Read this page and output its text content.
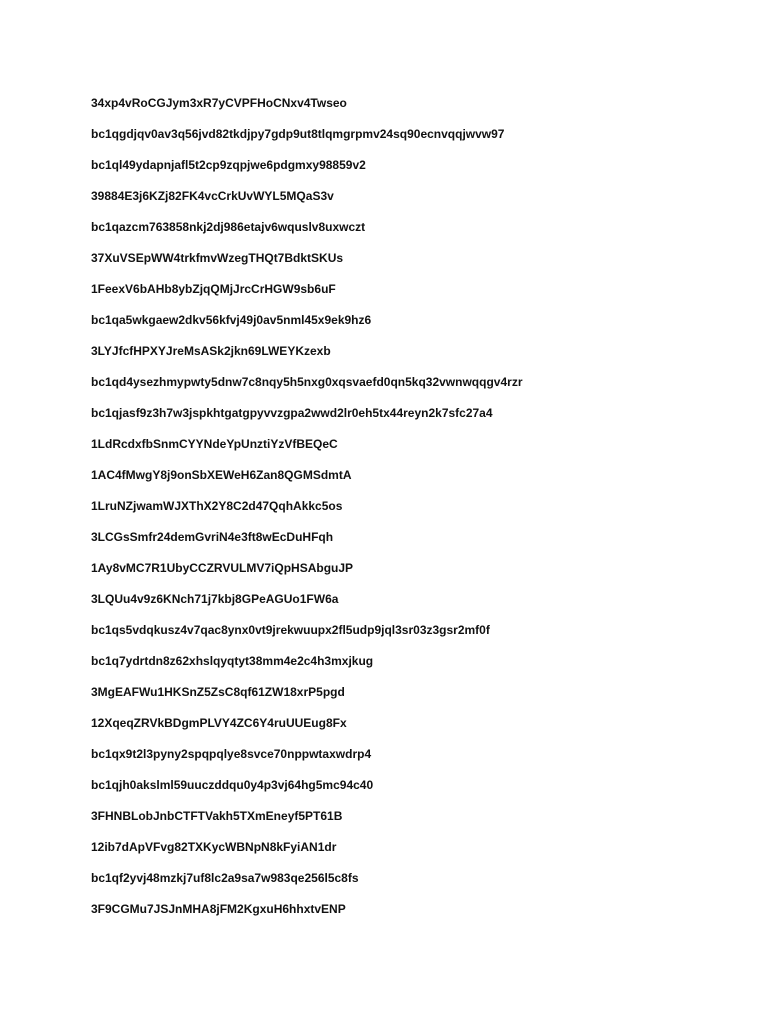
34xp4vRoCGJym3xR7yCVPFHoCNxv4Twseo
bc1qgdjqv0av3q56jvd82tkdjpy7gdp9ut8tlqmgrpmv24sq90ecnvqqjwvw97
bc1ql49ydapnjafl5t2cp9zqpjwe6pdgmxy98859v2
39884E3j6KZj82FK4vcCrkUvWYL5MQaS3v
bc1qazcm763858nkj2dj986etajv6wquslv8uxwczt
37XuVSEpWW4trkfmvWzegTHQt7BdktSKUs
1FeexV6bAHb8ybZjqQMjJrcCrHGW9sb6uF
bc1qa5wkgaew2dkv56kfvj49j0av5nml45x9ek9hz6
3LYJfcfHPXYJreMsASk2jkn69LWEYKzexb
bc1qd4ysezhmypwty5dnw7c8nqy5h5nxg0xqsvaefd0qn5kq32vwnwqqgv4rzr
bc1qjasf9z3h7w3jspkhtgatgpyvvzgpa2wwd2lr0eh5tx44reyn2k7sfc27a4
1LdRcdxfbSnmCYYNdeYpUnztiYzVfBEQeC
1AC4fMwgY8j9onSbXEWeH6Zan8QGMSdmtA
1LruNZjwamWJXThX2Y8C2d47QqhAkkc5os
3LCGsSmfr24demGvriN4e3ft8wEcDuHFqh
1Ay8vMC7R1UbyCCZRVULMV7iQpHSAbguJP
3LQUu4v9z6KNch71j7kbj8GPeAGUo1FW6a
bc1qs5vdqkusz4v7qac8ynx0vt9jrekwuupx2fl5udp9jql3sr03z3gsr2mf0f
bc1q7ydrtdn8z62xhslqyqtyt38mm4e2c4h3mxjkug
3MgEAFWu1HKSnZ5ZsC8qf61ZW18xrP5pgd
12XqeqZRVkBDgmPLVY4ZC6Y4ruUUEug8Fx
bc1qx9t2l3pyny2spqpqlye8svce70nppwtaxwdrp4
bc1qjh0akslml59uuczddqu0y4p3vj64hg5mc94c40
3FHNBLobJnbCTFTVakh5TXmEneyf5PT61B
12ib7dApVFvg82TXKycWBNpN8kFyiAN1dr
bc1qf2yvj48mzkj7uf8lc2a9sa7w983qe256l5c8fs
3F9CGMu7JSJnMHA8jFM2KgxuH6hhxtvENP
